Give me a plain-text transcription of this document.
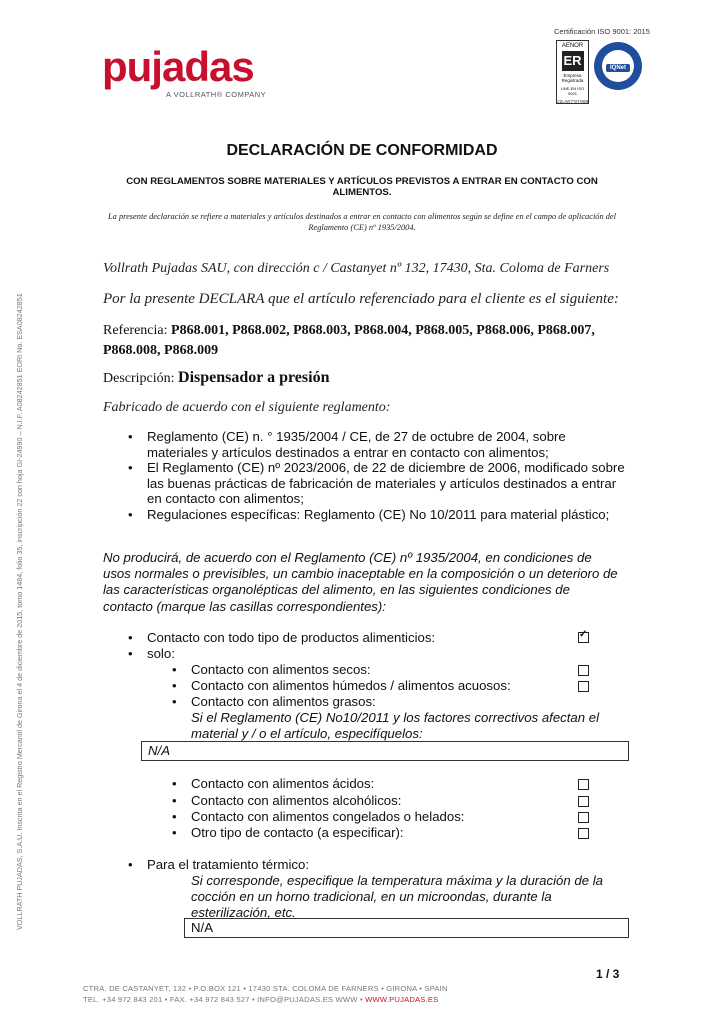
pujadas
A VOLLRATH® COMPANY
Certificación ISO 9001: 2015
AENOR
ER
Empresa Registrada
UNE-EN ISO 9001
ER-0673/1998
IQNet
VOLLRATH PUJADAS, S.A.U. Inscrita en el Registro Mercantil de Girona el 4 de diciembre de 2015, tomo 1484, folio 35, inscripción 22 con hoja GI-24990 – N.I.F. A08242851 EORI No. ESA08242851
DECLARACIÓN DE CONFORMIDAD
CON REGLAMENTOS SOBRE MATERIALES Y ARTÍCULOS PREVISTOS A ENTRAR EN CONTACTO CON ALIMENTOS.
La presente declaración se refiere a materiales y artículos destinados a entrar en contacto con alimentos según se define en el campo de aplicación del Reglamento (CE) nº 1935/2004.
Vollrath Pujadas SAU, con dirección c / Castanyet nº 132, 17430, Sta. Coloma de Farners
Por la presente DECLARA que el artículo referenciado para el cliente es el siguiente:
Referencia: P868.001, P868.002, P868.003, P868.004, P868.005, P868.006, P868.007, P868.008, P868.009
Descripción: Dispensador a presión
Fabricado de acuerdo con el siguiente reglamento:
• Reglamento (CE) n. ° 1935/2004 / CE, de 27 de octubre de 2004, sobre materiales y artículos destinados a entrar en contacto con alimentos;
• El Reglamento (CE) nº 2023/2006, de 22 de diciembre de 2006, modificado sobre las buenas prácticas de fabricación de materiales y artículos destinados a entrar en contacto con alimentos;
• Regulaciones específicas: Reglamento (CE) No 10/2011 para material plástico;
No producirá, de acuerdo con el Reglamento (CE) nº 1935/2004, en condiciones de usos normales o previsibles, un cambio inaceptable en la composición o un deterioro de las características organolépticas del alimento, en las siguientes condiciones de contacto (marque las casillas correspondientes):
• Contacto con todo tipo de productos alimenticios:
✓
• solo:
• Contacto con alimentos secos:
• Contacto con alimentos húmedos / alimentos acuosos:
• Contacto con alimentos grasos:
Si el Reglamento (CE) No10/2011 y los factores correctivos afectan el material y / o el artículo, especifíquelos:
N/A
• Contacto con alimentos ácidos:
• Contacto con alimentos alcohólicos:
• Contacto con alimentos congelados o helados:
• Otro tipo de contacto (a especificar):
• Para el tratamiento térmico:
Si corresponde, especifique la temperatura máxima y la duración de la cocción en un horno tradicional, en un microondas, durante la esterilización, etc.
N/A
1 / 3
CTRA. DE CASTANYET, 132 • P.O.BOX 121 • 17430 STA. COLOMA DE FARNERS • GIRONA • SPAIN
TEL. +34 972 843 201 • FAX. +34 972 843 527 • INFO@PUJADAS.ES WWW • WWW.PUJADAS.ES
